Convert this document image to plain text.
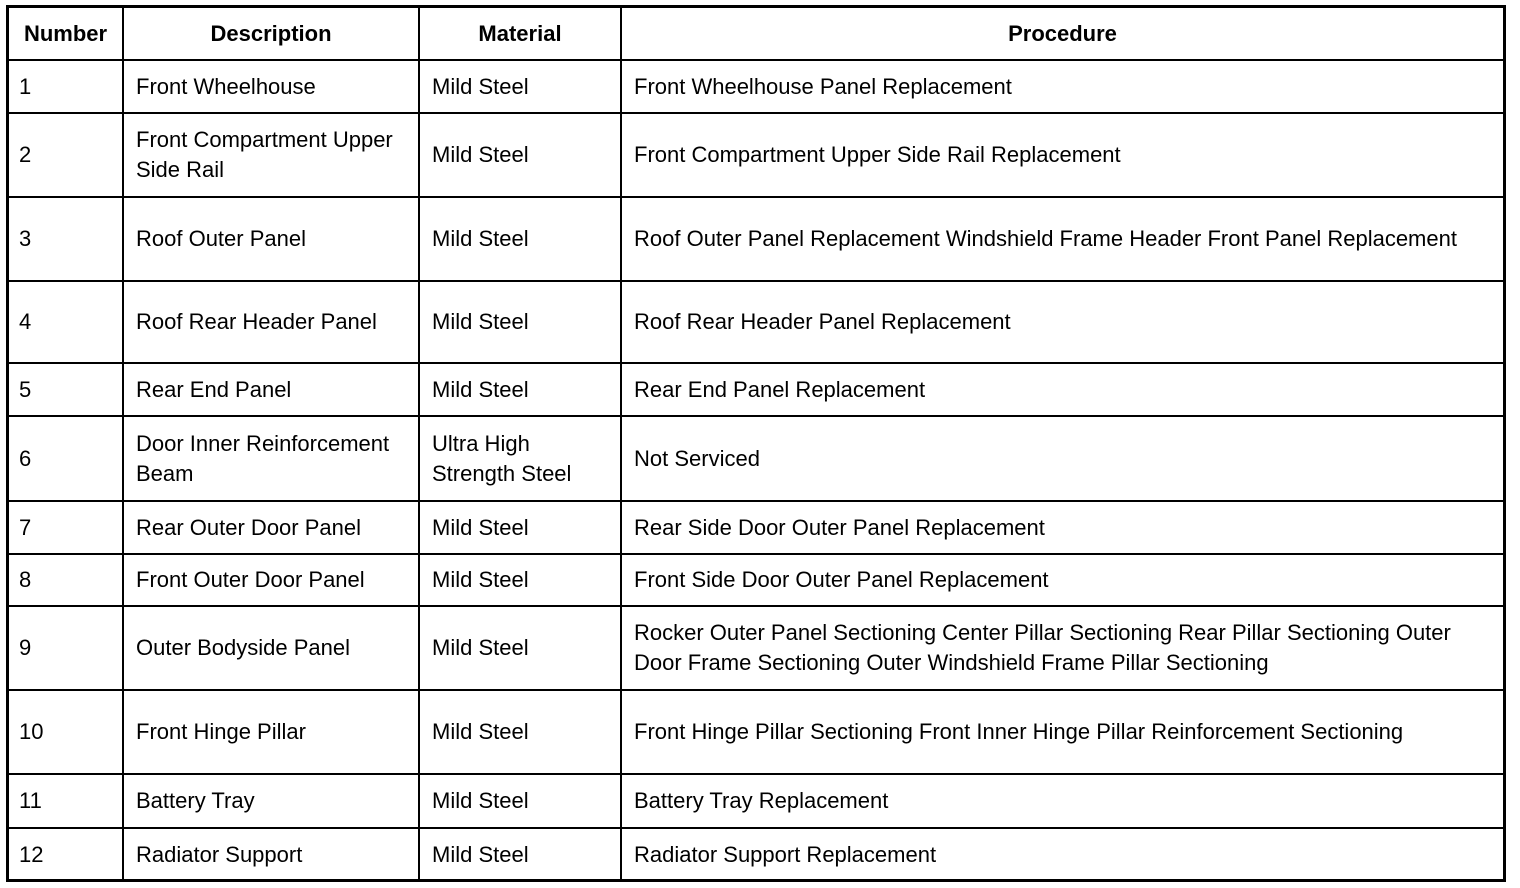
Number	Description	Material	Procedure
1	Front Wheelhouse	Mild Steel	Front Wheelhouse Panel Replacement
2	Front Compartment Upper Side Rail	Mild Steel	Front Compartment Upper Side Rail Replacement
3	Roof Outer Panel	Mild Steel	Roof Outer Panel Replacement Windshield Frame Header Front Panel Replacement
4	Roof Rear Header Panel	Mild Steel	Roof Rear Header Panel Replacement
5	Rear End Panel	Mild Steel	Rear End Panel Replacement
6	Door Inner Reinforcement Beam	Ultra High Strength Steel	Not Serviced
7	Rear Outer Door Panel	Mild Steel	Rear Side Door Outer Panel Replacement
8	Front Outer Door Panel	Mild Steel	Front Side Door Outer Panel Replacement
9	Outer Bodyside Panel	Mild Steel	Rocker Outer Panel Sectioning Center Pillar Sectioning Rear Pillar Sectioning Outer Door Frame Sectioning Outer Windshield Frame Pillar Sectioning
10	Front Hinge Pillar	Mild Steel	Front Hinge Pillar Sectioning Front Inner Hinge Pillar Reinforcement Sectioning
11	Battery Tray	Mild Steel	Battery Tray Replacement
12	Radiator Support	Mild Steel	Radiator Support Replacement
